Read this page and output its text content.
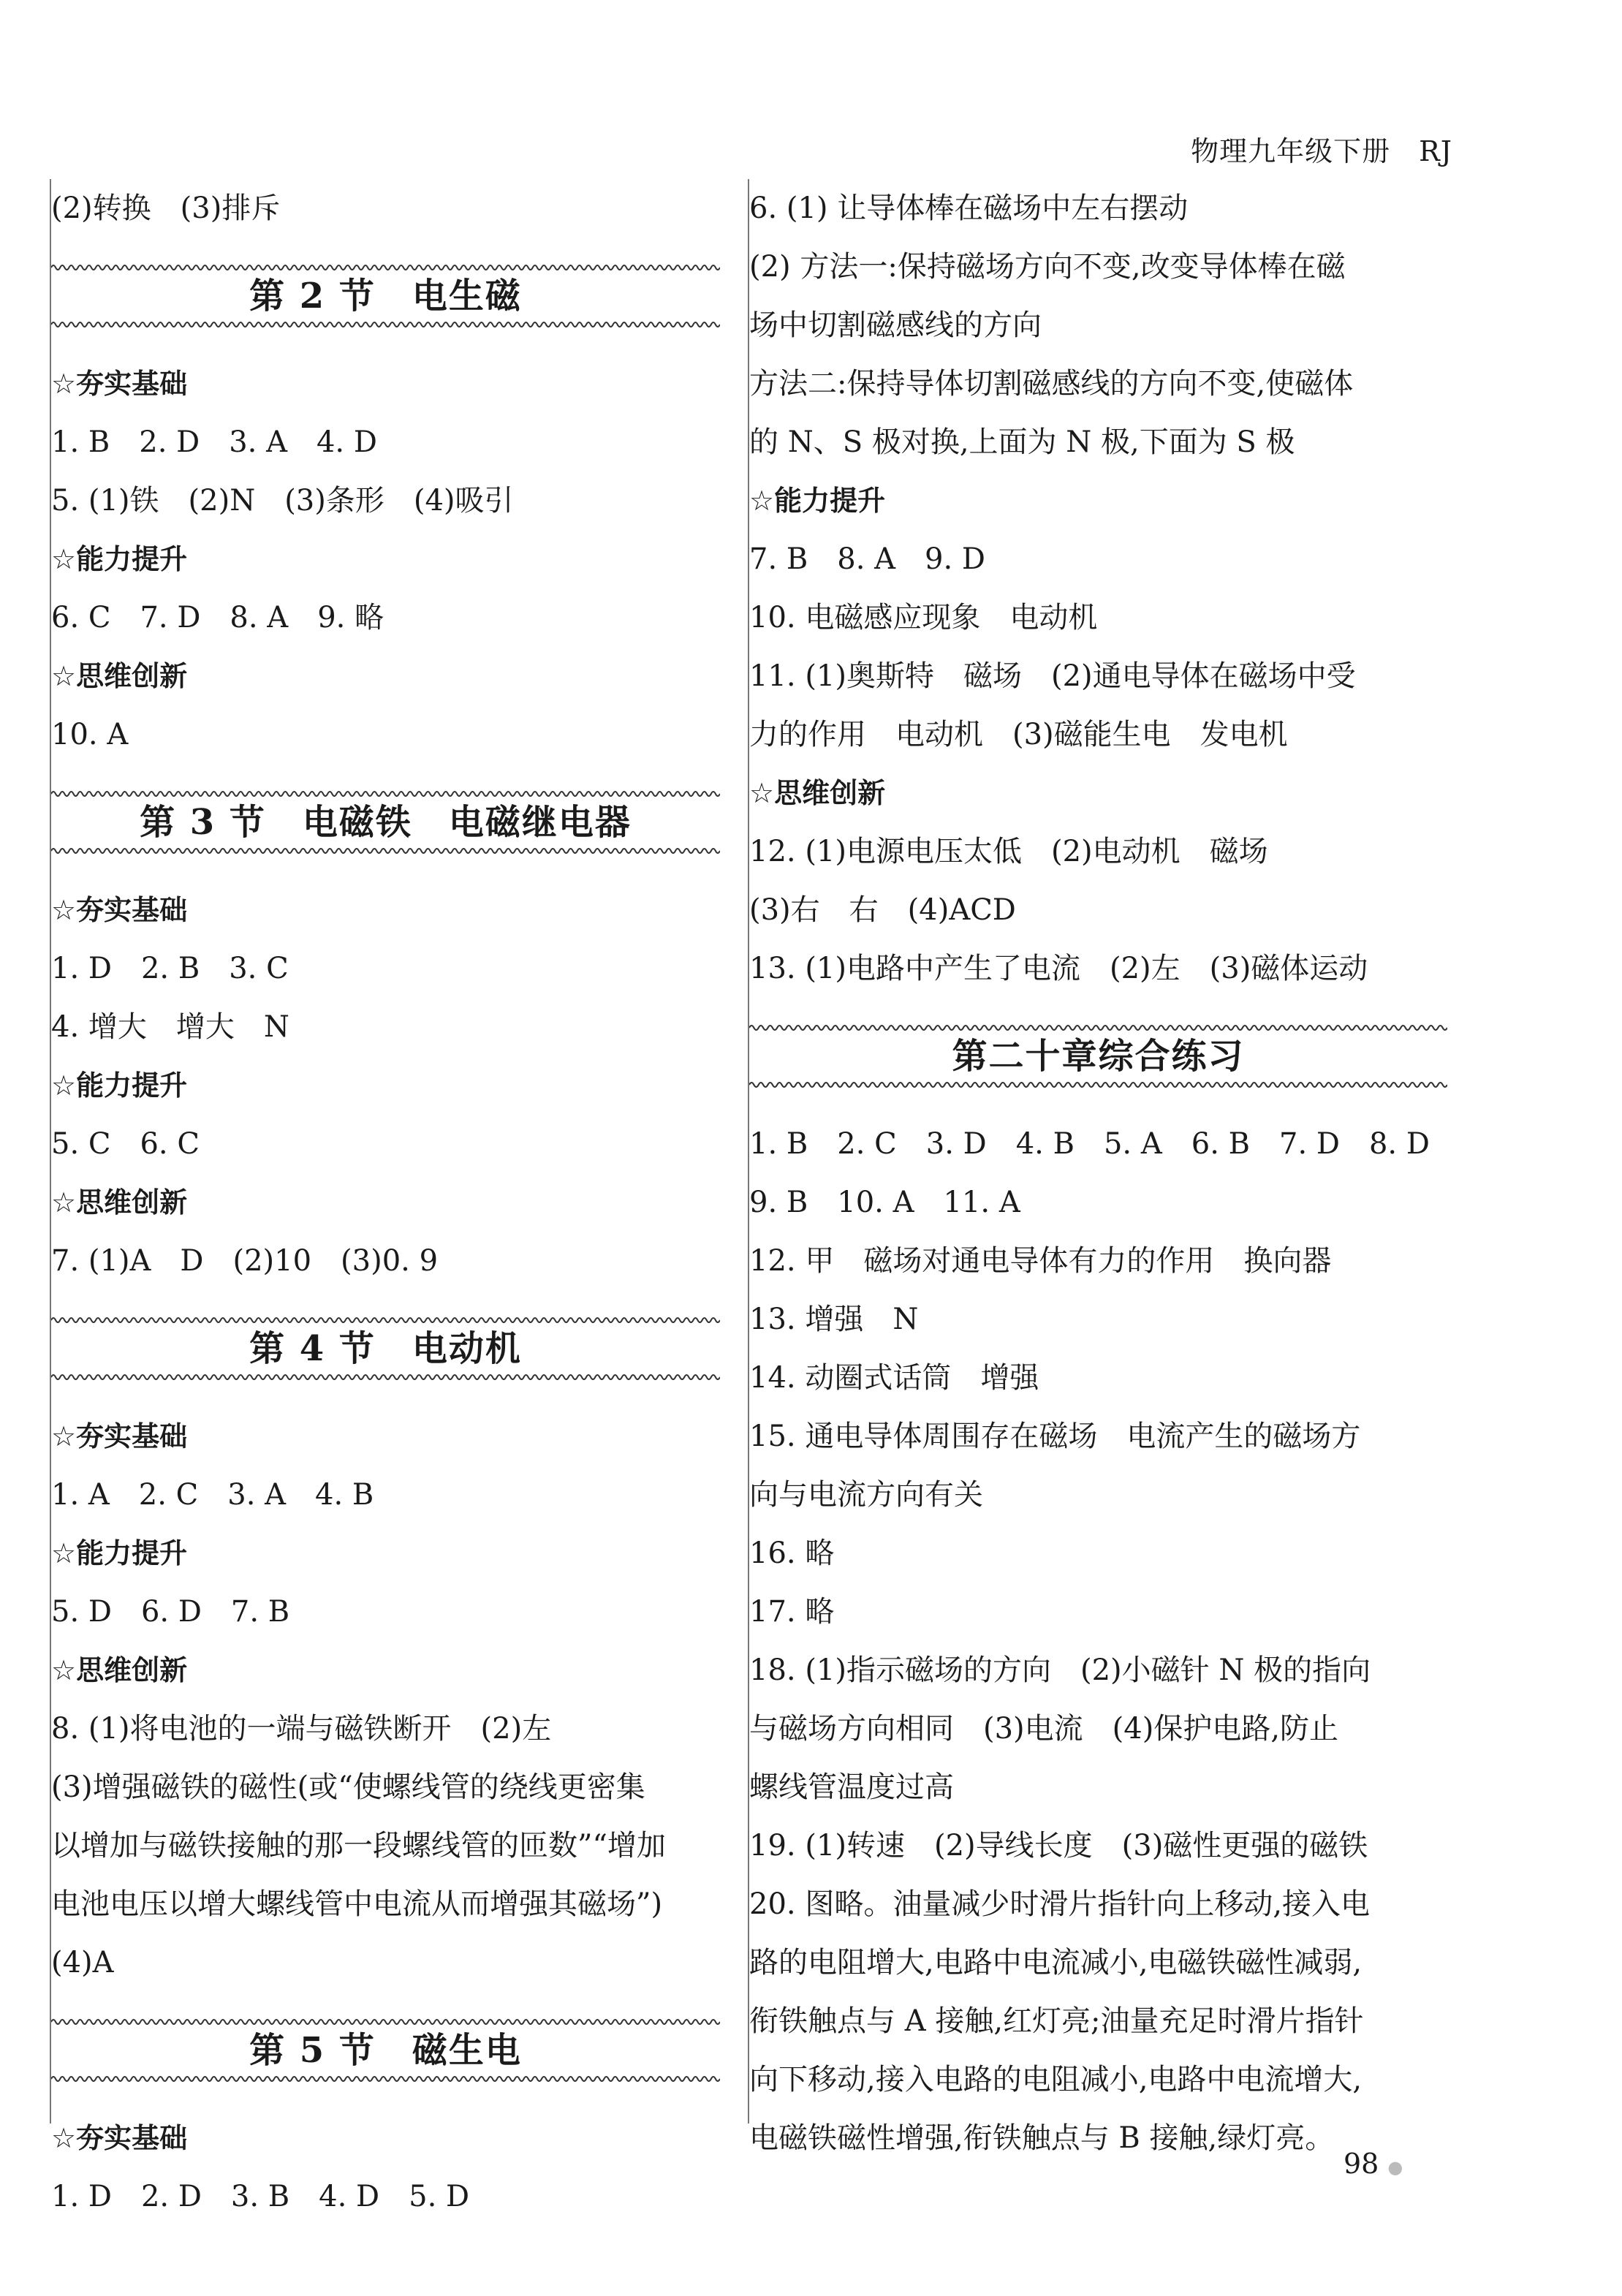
物理九年级下册　RJ
(2)转换　(3)排斥
第 2 节　电生磁
☆夯实基础
1. B　2. D　3. A　4. D
5. (1)铁　(2)N　(3)条形　(4)吸引
☆能力提升
6. C　7. D　8. A　9. 略
☆思维创新
10. A
第 3 节　电磁铁　电磁继电器
☆夯实基础
1. D　2. B　3. C
4. 增大　增大　N
☆能力提升
5. C　6. C
☆思维创新
7. (1)A　D　(2)10　(3)0. 9
第 4 节　电动机
☆夯实基础
1. A　2. C　3. A　4. B
☆能力提升
5. D　6. D　7. B
☆思维创新
8. (1)将电池的一端与磁铁断开　(2)左
(3)增强磁铁的磁性(或“使螺线管的绕线更密集
以增加与磁铁接触的那一段螺线管的匝数”“增加
电池电压以增大螺线管中电流从而增强其磁场”)
(4)A
第 5 节　磁生电
☆夯实基础
1. D　2. D　3. B　4. D　5. D
6. (1) 让导体棒在磁场中左右摆动
(2) 方法一:保持磁场方向不变,改变导体棒在磁
场中切割磁感线的方向
方法二:保持导体切割磁感线的方向不变,使磁体
的 N、S 极对换,上面为 N 极,下面为 S 极
☆能力提升
7. B　8. A　9. D
10. 电磁感应现象　电动机
11. (1)奥斯特　磁场　(2)通电导体在磁场中受
力的作用　电动机　(3)磁能生电　发电机
☆思维创新
12. (1)电源电压太低　(2)电动机　磁场
(3)右　右　(4)ACD
13. (1)电路中产生了电流　(2)左　(3)磁体运动
第二十章综合练习
1. B　2. C　3. D　4. B　5. A　6. B　7. D　8. D
9. B　10. A　11. A
12. 甲　磁场对通电导体有力的作用　换向器
13. 增强　N
14. 动圈式话筒　增强
15. 通电导体周围存在磁场　电流产生的磁场方
向与电流方向有关
16. 略
17. 略
18. (1)指示磁场的方向　(2)小磁针 N 极的指向
与磁场方向相同　(3)电流　(4)保护电路,防止
螺线管温度过高
19. (1)转速　(2)导线长度　(3)磁性更强的磁铁
20. 图略。油量减少时滑片指针向上移动,接入电
路的电阻增大,电路中电流减小,电磁铁磁性减弱,
衔铁触点与 A 接触,红灯亮;油量充足时滑片指针
向下移动,接入电路的电阻减小,电路中电流增大,
电磁铁磁性增强,衔铁触点与 B 接触,绿灯亮。
98 ●
